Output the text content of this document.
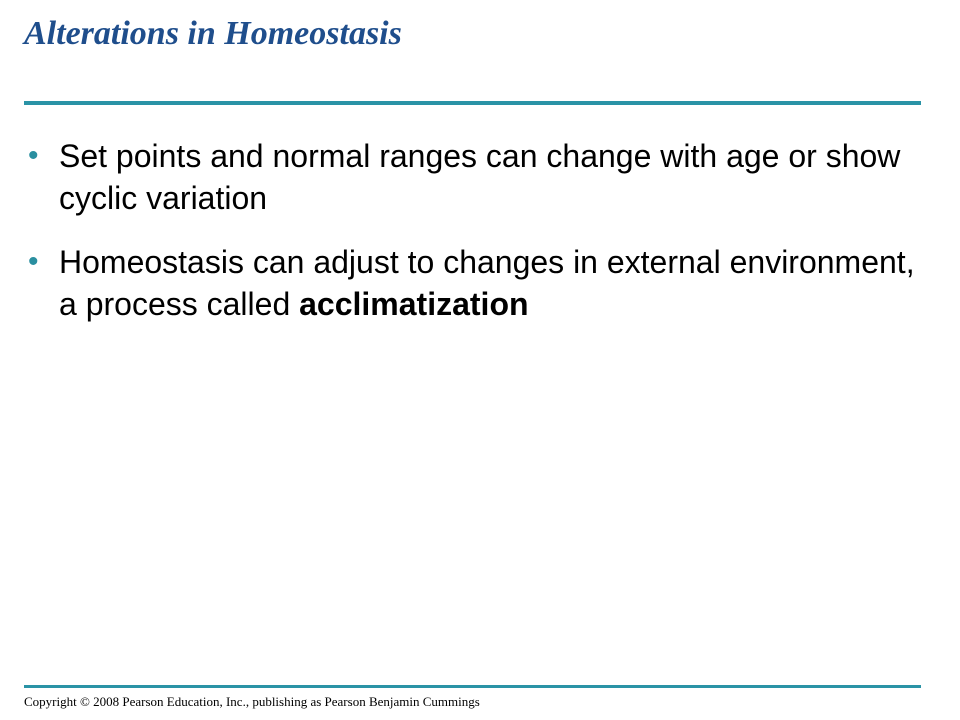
Alterations in Homeostasis
• Set points and normal ranges can change with age or show cyclic variation
• Homeostasis can adjust to changes in external environment, a process called acclimatization
Copyright © 2008 Pearson Education, Inc., publishing as Pearson Benjamin Cummings
